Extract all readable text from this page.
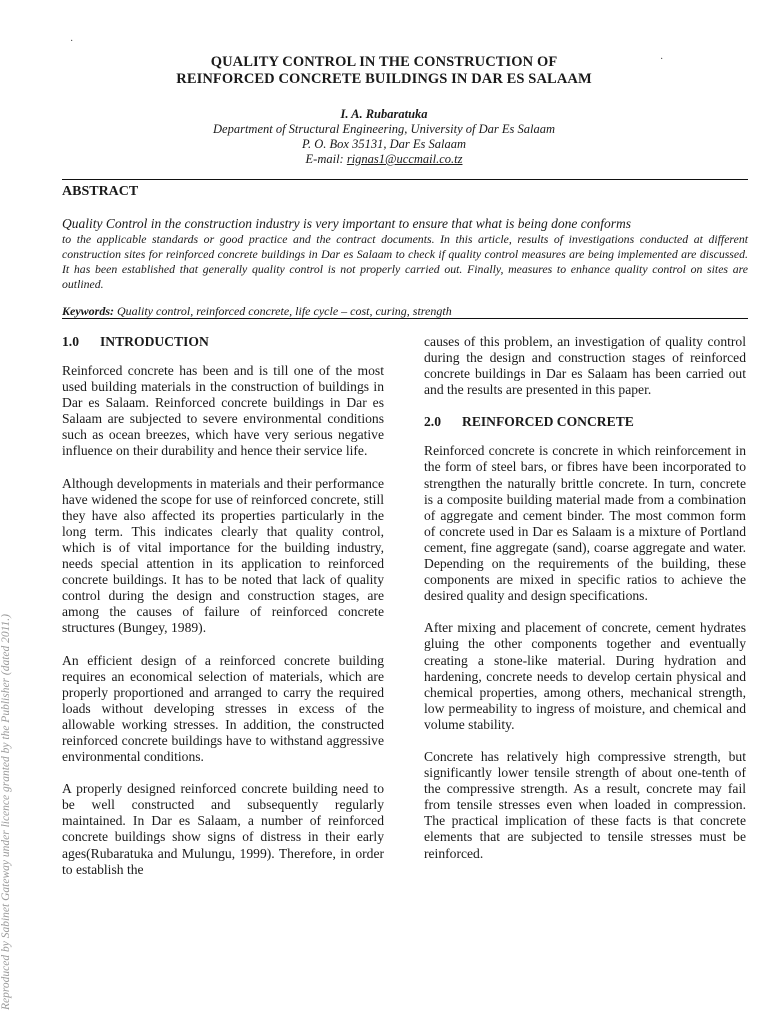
QUALITY CONTROL IN THE CONSTRUCTION OF
REINFORCED CONCRETE BUILDINGS IN DAR ES SALAAM
I. A. Rubaratuka
Department of Structural Engineering, University of Dar Es Salaam
P. O. Box 35131, Dar Es Salaam
E-mail: rignas1@uccmail.co.tz
ABSTRACT
Quality Control in the construction industry is very important to ensure that what is being done conforms
to the applicable standards or good practice and the contract documents. In this article, results of investigations conducted at different construction sites for reinforced concrete buildings in Dar es Salaam to check if quality control measures are being implemented are discussed. It has been established that generally quality control is not properly carried out. Finally, measures to enhance quality control on sites are outlined.
Keywords: Quality control, reinforced concrete, life cycle – cost, curing, strength
1.0 INTRODUCTION

Reinforced concrete has been and is till one of the most used building materials in the construction of buildings in Dar es Salaam. Reinforced concrete buildings in Dar es Salaam are subjected to severe environmental conditions such as ocean breezes, which have very serious negative influence on their durability and hence their service life.

Although developments in materials and their performance have widened the scope for use of reinforced concrete, still they have also affected its properties particularly in the long term. This indicates clearly that quality control, which is of vital importance for the building industry, needs special attention in its application to reinforced concrete buildings. It has to be noted that lack of quality control during the design and construction stages, are among the causes of failure of reinforced concrete structures (Bungey, 1989).

An efficient design of a reinforced concrete building requires an economical selection of materials, which are properly proportioned and arranged to carry the required loads without developing stresses in excess of the allowable working stresses. In addition, the constructed reinforced concrete buildings have to withstand aggressive environmental conditions.

A properly designed reinforced concrete building need to be well constructed and subsequently regularly maintained. In Dar es Salaam, a number of reinforced concrete buildings show signs of distress in their early ages(Rubaratuka and Mulungu, 1999). Therefore, in order to establish the

causes of this problem, an investigation of quality control during the design and construction stages of reinforced concrete buildings in Dar es Salaam has been carried out and the results are presented in this paper.

2.0 REINFORCED CONCRETE

Reinforced concrete is concrete in which reinforcement in the form of steel bars, or fibres have been incorporated to strengthen the naturally brittle concrete. In turn, concrete is a composite building material made from a combination of aggregate and cement binder. The most common form of concrete used in Dar es Salaam is a mixture of Portland cement, fine aggregate (sand), coarse aggregate and water. Depending on the requirements of the building, these components are mixed in specific ratios to achieve the desired quality and design specifications.

After mixing and placement of concrete, cement hydrates gluing the other components together and eventually creating a stone-like material. During hydration and hardening, concrete needs to develop certain physical and chemical properties, among others, mechanical strength, low permeability to ingress of moisture, and chemical and volume stability.

Concrete has relatively high compressive strength, but significantly lower tensile strength of about one-tenth of the compressive strength. As a result, concrete may fail from tensile stresses even when loaded in compression. The practical implication of these facts is that concrete elements that are subjected to tensile stresses must be reinforced.

Reproduced by Sabinet Gateway under licence granted by the Publisher (dated 2011.)
·
·
